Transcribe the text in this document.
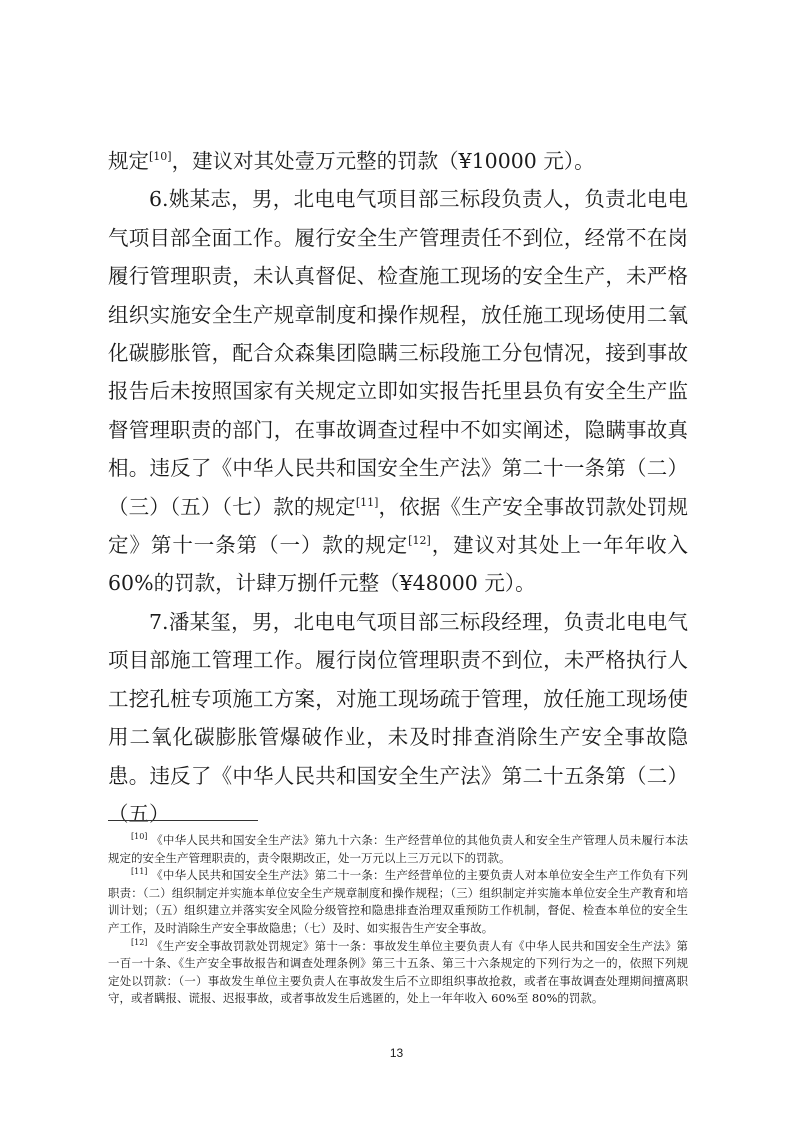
规定[10]，建议对其处壹万元整的罚款（¥10000 元）。

6.姚某志，男，北电电气项目部三标段负责人，负责北电电气项目部全面工作。履行安全生产管理责任不到位，经常不在岗履行管理职责，未认真督促、检查施工现场的安全生产，未严格组织实施安全生产规章制度和操作规程，放任施工现场使用二氧化碳膨胀管，配合众森集团隐瞒三标段施工分包情况，接到事故报告后未按照国家有关规定立即如实报告托里县负有安全生产监督管理职责的部门，在事故调查过程中不如实阐述，隐瞒事故真相。违反了《中华人民共和国安全生产法》第二十一条第（二）（三）（五）（七）款的规定[11]，依据《生产安全事故罚款处罚规定》第十一条第（一）款的规定[12]，建议对其处上一年年收入60%的罚款，计肆万捌仟元整（¥48000 元）。

7.潘某玺，男，北电电气项目部三标段经理，负责北电电气项目部施工管理工作。履行岗位管理职责不到位，未严格执行人工挖孔桩专项施工方案，对施工现场疏于管理，放任施工现场使用二氧化碳膨胀管爆破作业，未及时排查消除生产安全事故隐患。违反了《中华人民共和国安全生产法》第二十五条第（二）（五）

[10] 《中华人民共和国安全生产法》第九十六条：生产经营单位的其他负责人和安全生产管理人员未履行本法规定的安全生产管理职责的，责令限期改正，处一万元以上三万元以下的罚款。

[11] 《中华人民共和国安全生产法》第二十一条：生产经营单位的主要负责人对本单位安全生产工作负有下列职责：（二）组织制定并实施本单位安全生产规章制度和操作规程；（三）组织制定并实施本单位安全生产教育和培训计划；（五）组织建立并落实安全风险分级管控和隐患排查治理双重预防工作机制，督促、检查本单位的安全生产工作，及时消除生产安全事故隐患；（七）及时、如实报告生产安全事故。

[12] 《生产安全事故罚款处罚规定》第十一条：事故发生单位主要负责人有《中华人民共和国安全生产法》第一百一十条、《生产安全事故报告和调查处理条例》第三十五条、第三十六条规定的下列行为之一的，依照下列规定处以罚款：（一）事故发生单位主要负责人在事故发生后不立即组织事故抢救，或者在事故调查处理期间擅离职守，或者瞒报、谎报、迟报事故，或者事故发生后逃匿的，处上一年年收入 60%至 80%的罚款。

13
